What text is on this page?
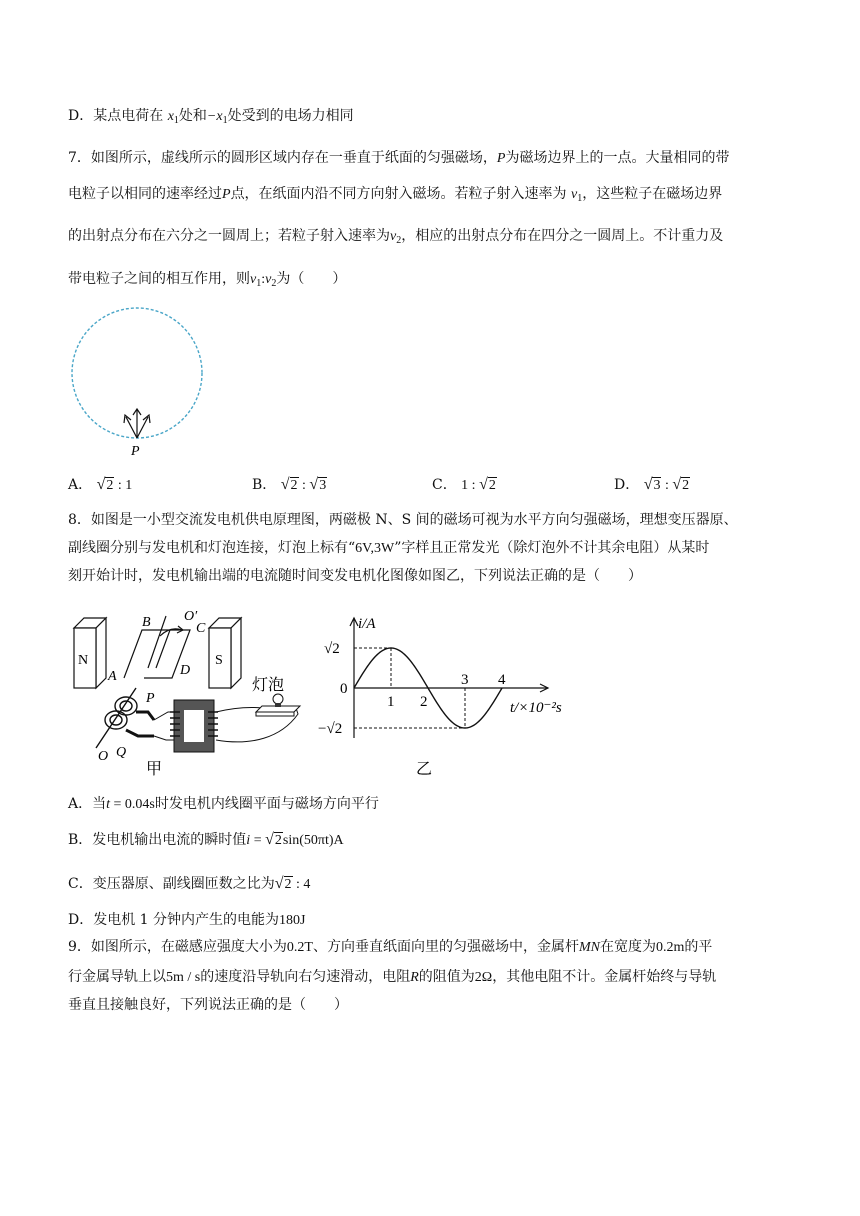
D．某点电荷在 $x_1$处和$-x_1$处受到的电场力相同
7．如图所示，虚线所示的圆形区域内存在一垂直于纸面的匀强磁场，P为磁场边界上的一点。大量相同的带
电粒子以相同的速率经过P点，在纸面内沿不同方向射入磁场。若粒子射入速率为 $v_1$，这些粒子在磁场边界
的出射点分布在六分之一圆周上；若粒子射入速率为$v_2$，相应的出射点分布在四分之一圆周上。不计重力及
带电粒子之间的相互作用，则$v_1:v_2$为（　　）
P
A． √2 : 1	B． √2 : √3	C． 1 : √2	D． √3 : √2
8．如图是一小型交流发电机供电原理图，两磁极 N、S 间的磁场可视为水平方向匀强磁场，理想变压器原、
副线圈分别与发电机和灯泡连接，灯泡上标有“6V,3W”字样且正常发光（除灯泡外不计其余电阻）从某时
刻开始计时，发电机输出端的电流随时间变发电机化图像如图乙，下列说法正确的是（　　）
N	S
B O′
C
D
A
P
O Q
灯泡
甲
i/A
t/×10⁻²s
√2
−√2
0
1 2
3 4
乙
A．当t = 0.04s时发电机内线圈平面与磁场方向平行
B．发电机输出电流的瞬时值i = √2sin(50πt)A
C．变压器原、副线圈匝数之比为√2 : 4
D．发电机 1 分钟内产生的电能为180J
9．如图所示，在磁感应强度大小为0.2T、方向垂直纸面向里的匀强磁场中，金属杆MN在宽度为0.2m的平
行金属导轨上以5m / s的速度沿导轨向右匀速滑动，电阻R的阻值为2Ω，其他电阻不计。金属杆始终与导轨
垂直且接触良好，下列说法正确的是（　　）
